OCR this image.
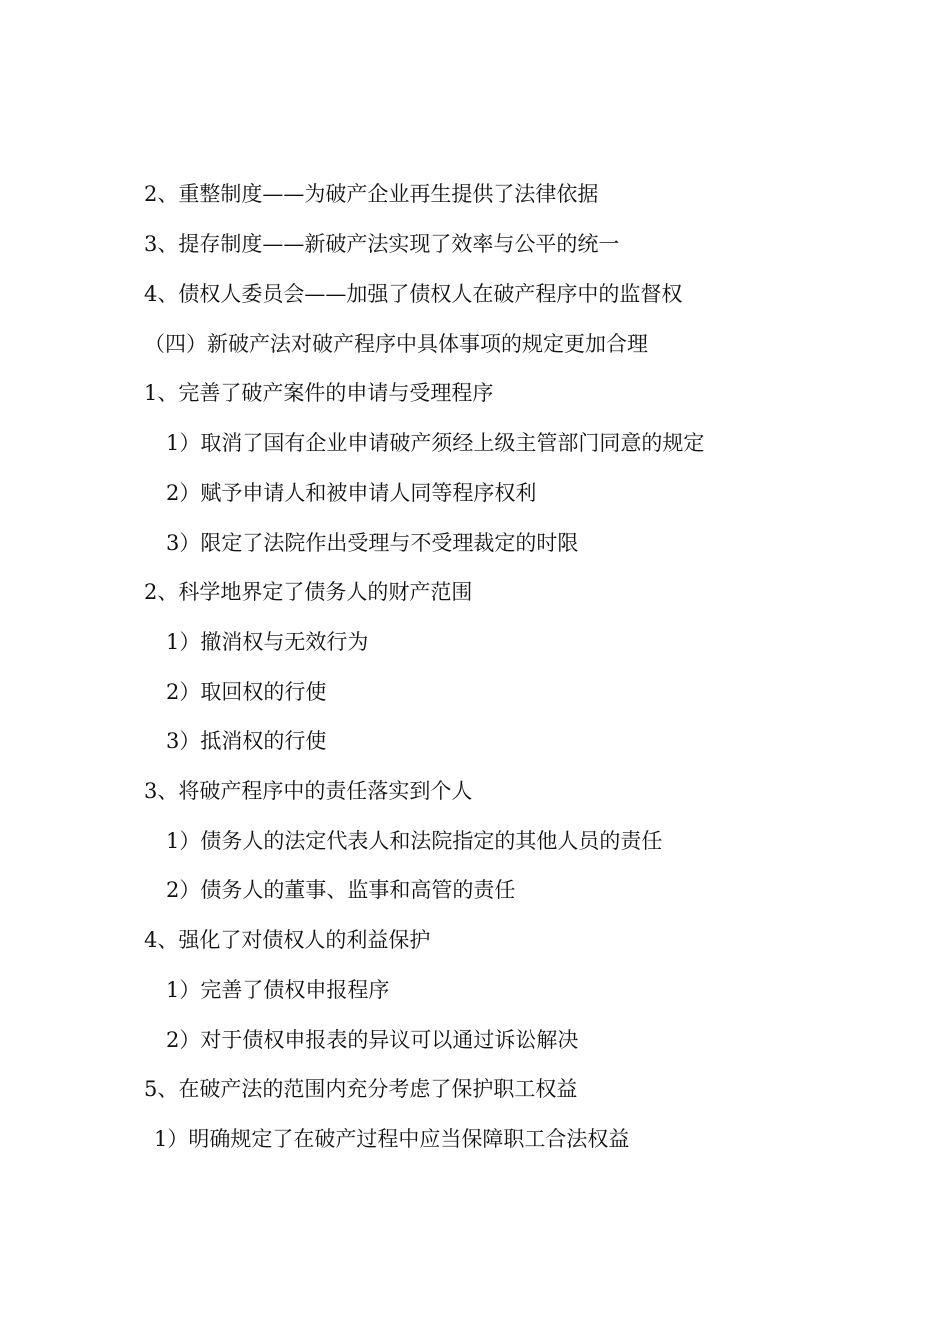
2、重整制度——为破产企业再生提供了法律依据
3、提存制度——新破产法实现了效率与公平的统一
4、债权人委员会——加强了债权人在破产程序中的监督权
（四）新破产法对破产程序中具体事项的规定更加合理
1、完善了破产案件的申请与受理程序
1）取消了国有企业申请破产须经上级主管部门同意的规定
2）赋予申请人和被申请人同等程序权利
3）限定了法院作出受理与不受理裁定的时限
2、科学地界定了债务人的财产范围
1）撤消权与无效行为
2）取回权的行使
3）抵消权的行使
3、将破产程序中的责任落实到个人
1）债务人的法定代表人和法院指定的其他人员的责任
2）债务人的董事、监事和高管的责任
4、强化了对债权人的利益保护
1）完善了债权申报程序
2）对于债权申报表的异议可以通过诉讼解决
5、在破产法的范围内充分考虑了保护职工权益
1）明确规定了在破产过程中应当保障职工合法权益
